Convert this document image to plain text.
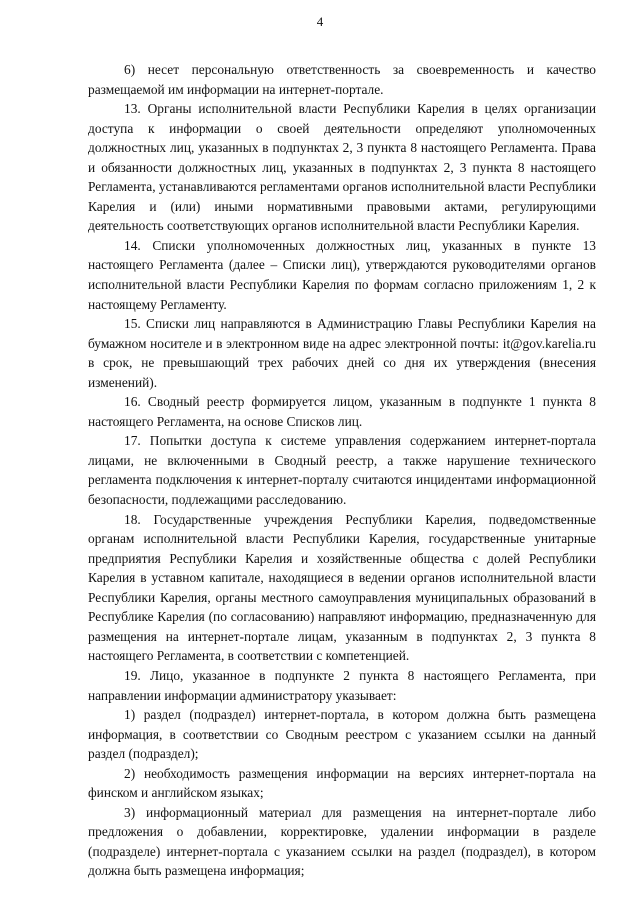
4

6) несет персональную ответственность за своевременность и качество размещаемой им информации на интернет-портале.

13. Органы исполнительной власти Республики Карелия в целях организации доступа к информации о своей деятельности определяют уполномоченных должностных лиц, указанных в подпунктах 2, 3 пункта 8 настоящего Регламента. Права и обязанности должностных лиц, указанных в подпунктах 2, 3 пункта 8 настоящего Регламента, устанавливаются регламентами органов исполнительной власти Республики Карелия и (или) иными нормативными правовыми актами, регулирующими деятельность соответствующих органов исполнительной власти Республики Карелия.

14. Списки уполномоченных должностных лиц, указанных в пункте 13 настоящего Регламента (далее – Списки лиц), утверждаются руководителями органов исполнительной власти Республики Карелия по формам согласно приложениям 1, 2 к настоящему Регламенту.

15. Списки лиц направляются в Администрацию Главы Республики Карелия на бумажном носителе и в электронном виде на адрес электронной почты: it@gov.karelia.ru в срок, не превышающий трех рабочих дней со дня их утверждения (внесения изменений).

16. Сводный реестр формируется лицом, указанным в подпункте 1 пункта 8 настоящего Регламента, на основе Списков лиц.

17. Попытки доступа к системе управления содержанием интернет-портала лицами, не включенными в Сводный реестр, а также нарушение технического регламента подключения к интернет-порталу считаются инцидентами информационной безопасности, подлежащими расследованию.

18. Государственные учреждения Республики Карелия, подведомственные органам исполнительной власти Республики Карелия, государственные унитарные предприятия Республики Карелия и хозяйственные общества с долей Республики Карелия в уставном капитале, находящиеся в ведении органов исполнительной власти Республики Карелия, органы местного самоуправления муниципальных образований в Республике Карелия (по согласованию) направляют информацию, предназначенную для размещения на интернет-портале лицам, указанным в подпунктах 2, 3 пункта 8 настоящего Регламента, в соответствии с компетенцией.

19. Лицо, указанное в подпункте 2 пункта 8 настоящего Регламента, при направлении информации администратору указывает:

1) раздел (подраздел) интернет-портала, в котором должна быть размещена информация, в соответствии со Сводным реестром с указанием ссылки на данный раздел (подраздел);

2) необходимость размещения информации на версиях интернет-портала на финском и английском языках;

3) информационный материал для размещения на интернет-портале либо предложения о добавлении, корректировке, удалении информации в разделе (подразделе) интернет-портала с указанием ссылки на раздел (подраздел), в котором должна быть размещена информация;
